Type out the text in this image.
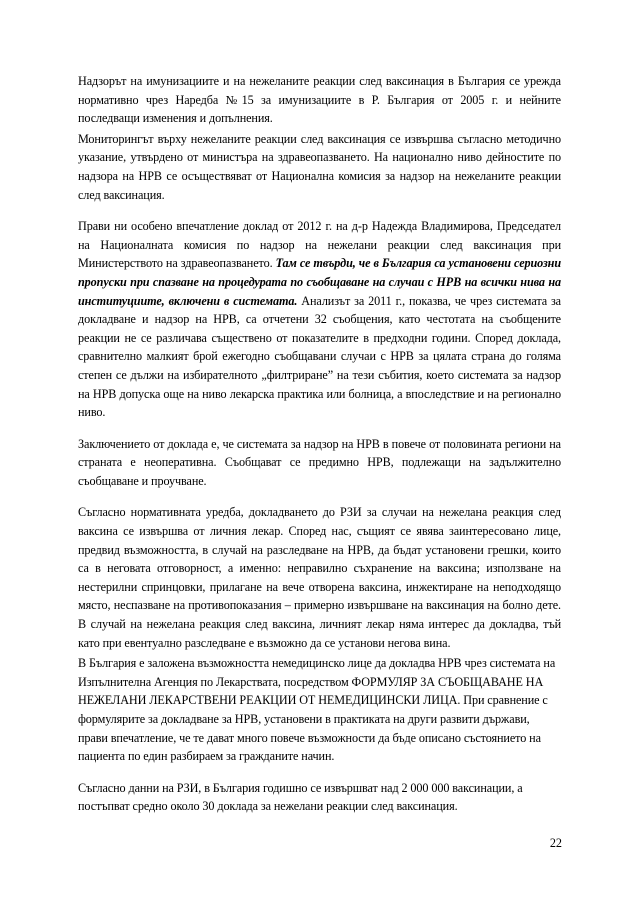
Надзорът на имунизациите и на нежеланите реакции след ваксинация в България се урежда нормативно чрез Наредба №15 за имунизациите в Р. България от 2005 г. и нейните последващи изменения и допълнения.

Мониторингът върху нежеланите реакции след ваксинация се извършва съгласно методично указание, утвърдено от министъра на здравеопазването. На национално ниво дейностите по надзора на НРВ се осъществяват от Национална комисия за надзор на нежеланите реакции след ваксинация.

Прави ни особено впечатление доклад от 2012 г. на д-р Надежда Владимирова, Председател на Националната комисия по надзор на нежелани реакции след ваксинация при Министерството на здравеопазването. Там се твърди, че в България са установени сериозни пропуски при спазване на процедурата по съобщаване на случаи с НРВ на всички нива на институциите, включени в системата. Анализът за 2011 г., показва, че чрез системата за докладване и надзор на НРВ, са отчетени 32 съобщения, като честотата на съобщените реакции не се различава съществено от показателите в предходни години. Според доклада, сравнително малкият брой ежегодно съобщавани случаи с НРВ за цялата страна до голяма степен се дължи на избирателното „филтриране” на тези събития, което системата за надзор на НРВ допуска още на ниво лекарска практика или болница, а впоследствие и на регионално ниво.

Заключението от доклада е, че системата за надзор на НРВ в повече от половината региони на страната е неоперативна. Съобщават се предимно НРВ, подлежащи на задължително съобщаване и проучване.

Съгласно нормативната уредба, докладването до РЗИ за случаи на нежелана реакция след ваксина се извършва от личния лекар. Според нас, същият се явява заинтересовано лице, предвид възможността, в случай на разследване на НРВ, да бъдат установени грешки, които са в неговата отговорност, а именно: неправилно съхранение на ваксина; използване на нестерилни спринцовки, прилагане на вече отворена ваксина, инжектиране на неподходящо място, неспазване на противопоказания – примерно извършване на ваксинация на болно дете. В случай на нежелана реакция след ваксина, личният лекар няма интерес да докладва, тъй като при евентуално разследване е възможно да се установи негова вина.

В България е заложена възможността немедицинско лице да докладва НРВ чрез системата на Изпълнителна Агенция по Лекарствата, посредством ФОРМУЛЯР ЗА СЪОБЩАВАНЕ НА НЕЖЕЛАНИ ЛЕКАРСТВЕНИ РЕАКЦИИ ОТ НЕМЕДИЦИНСКИ ЛИЦА. При сравнение с формулярите за докладване за НРВ, установени в практиката на други развити държави, прави впечатление, че те дават много повече възможности да бъде описано състоянието на пациента по един разбираем за гражданите начин.

Съгласно данни на РЗИ, в България годишно се извършват над 2 000 000 ваксинации, а постъпват средно около 30 доклада за нежелани реакции след ваксинация.

22
